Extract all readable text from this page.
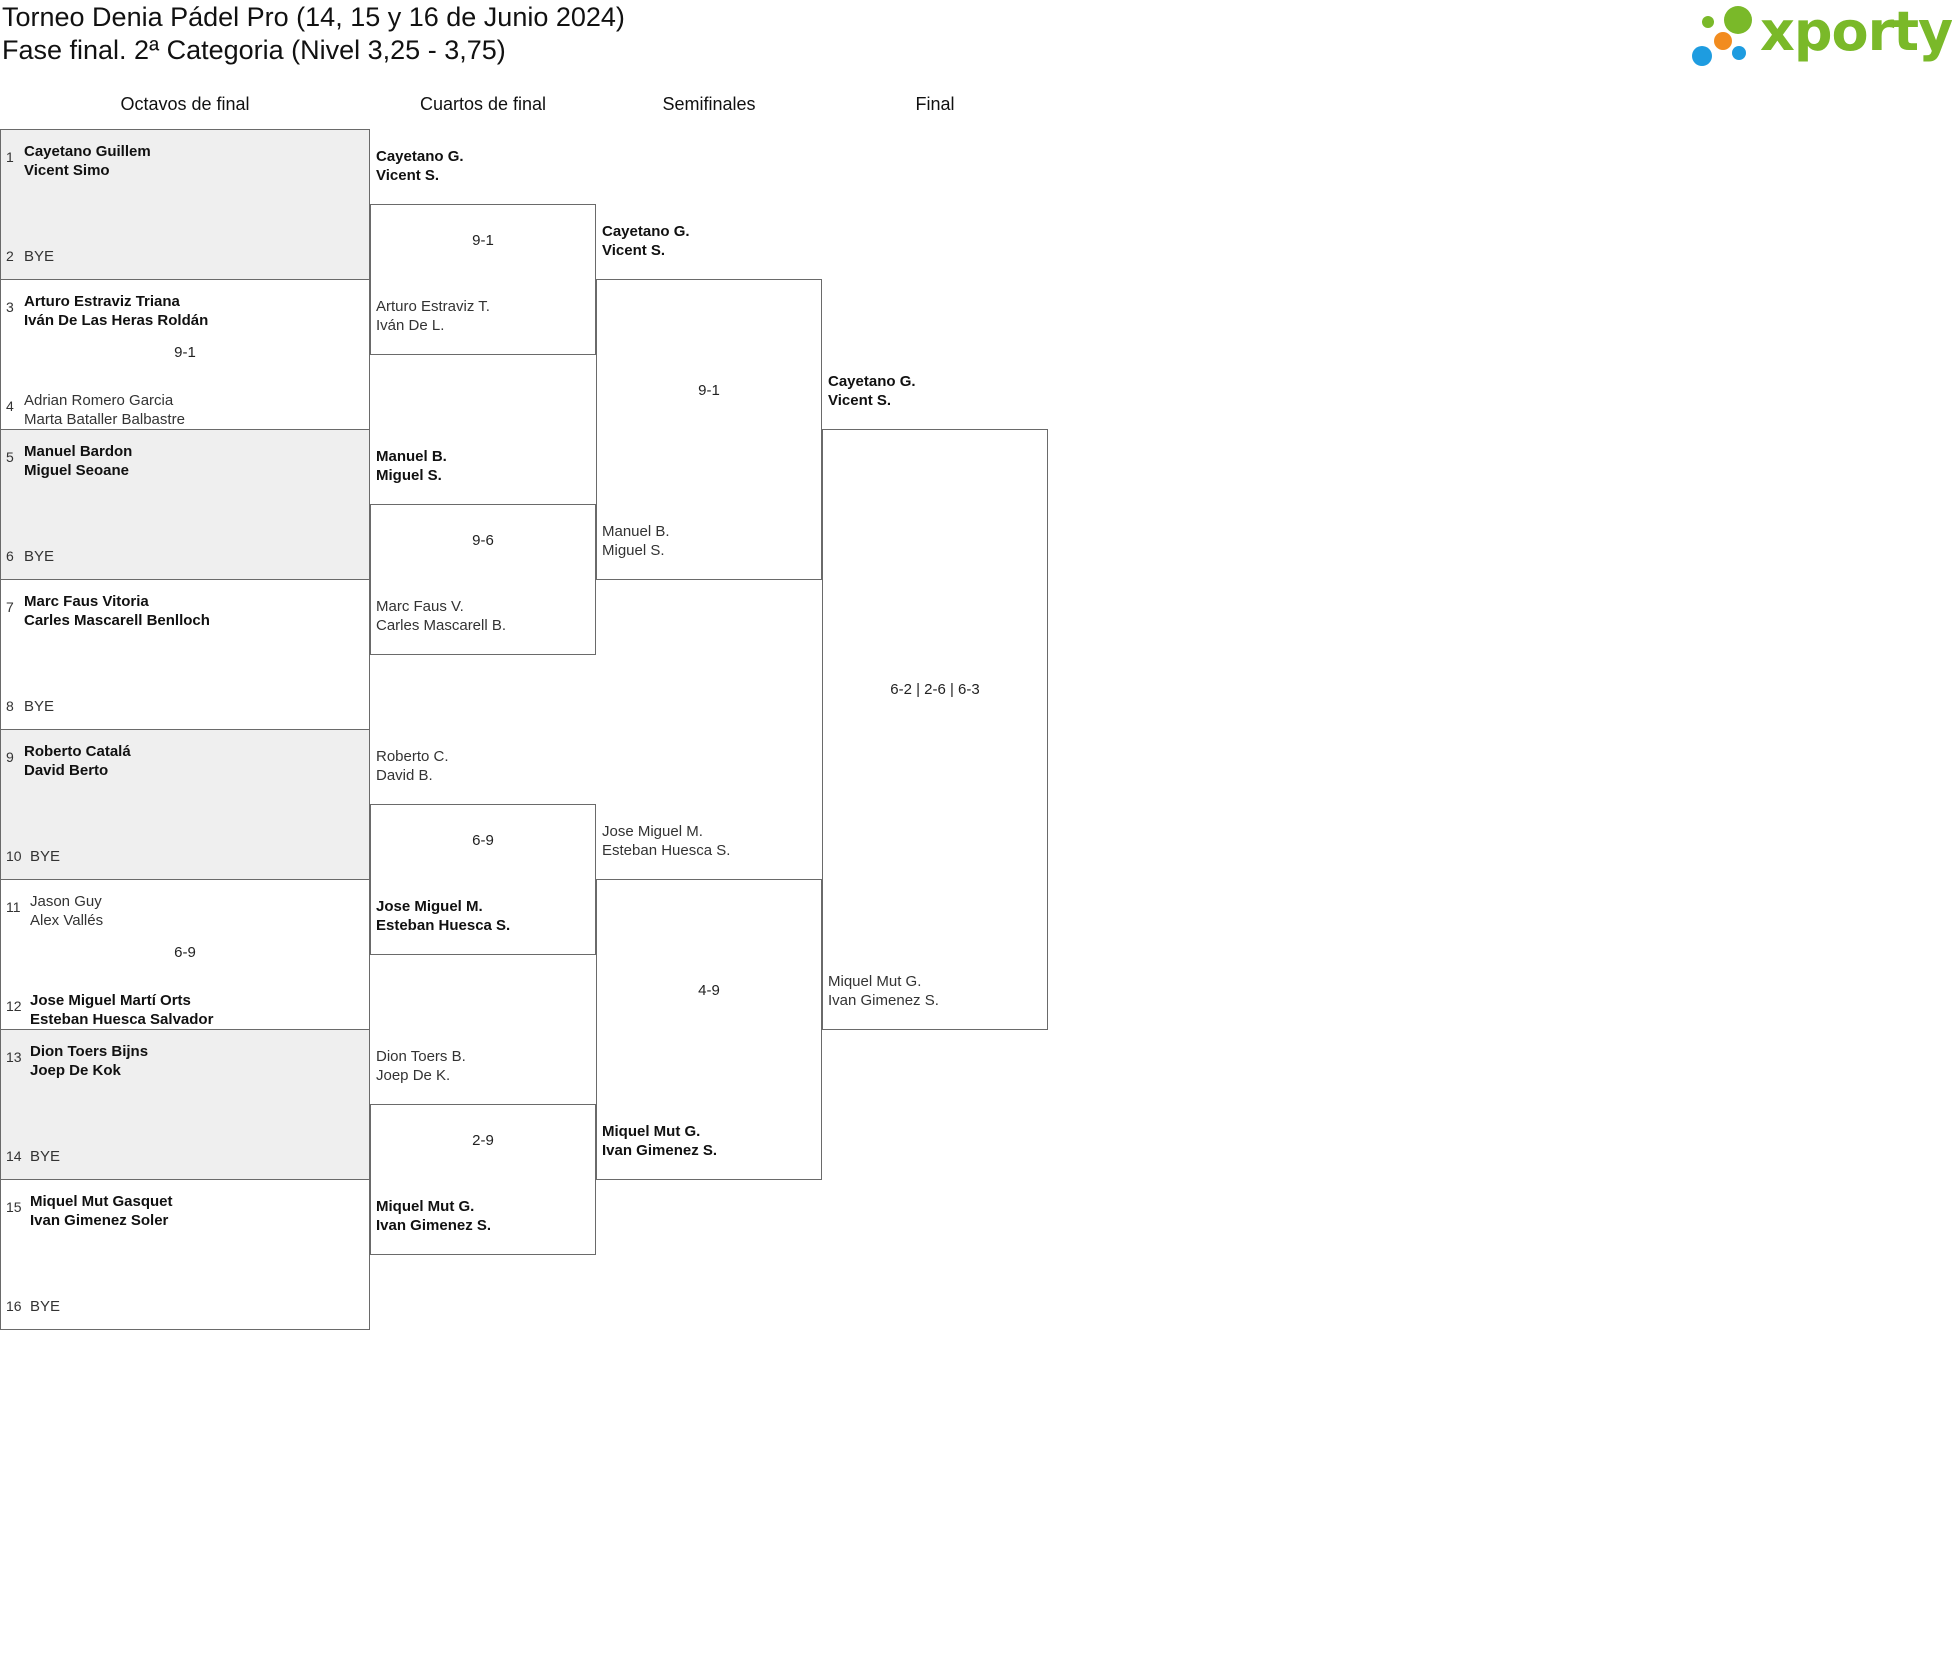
Torneo Denia Pádel Pro (14, 15 y 16 de Junio 2024)
Fase final. 2ª Categoria (Nivel 3,25 - 3,75)	xporty
Octavos de final	Cuartos de final	Semifinales	Final
1 Cayetano Guillem
Vicent Simo
2 BYE
3 Arturo Estraviz Triana
Iván De Las Heras Roldán
4 Adrian Romero Garcia
Marta Bataller Balbastre
9-1
5 Manuel Bardon
Miguel Seoane
6 BYE
7 Marc Faus Vitoria
Carles Mascarell Benlloch
8 BYE
9 Roberto Catalá
David Berto
10 BYE
11 Jason Guy
Alex Vallés
12 Jose Miguel Martí Orts
Esteban Huesca Salvador
6-9
13 Dion Toers Bijns
Joep De Kok
14 BYE
15 Miquel Mut Gasquet
Ivan Gimenez Soler
16 BYE
Cayetano G.
Vicent S.
Arturo Estraviz T.
Iván De L.
Manuel B.
Miguel S.
Marc Faus V.
Carles Mascarell B.
Roberto C.
David B.
Jose Miguel M.
Esteban Huesca S.
Dion Toers B.
Joep De K.
Miquel Mut G.
Ivan Gimenez S.
9-1
9-6
6-9
2-9
Cayetano G.
Vicent S.
Manuel B.
Miguel S.
Jose Miguel M.
Esteban Huesca S.
Miquel Mut G.
Ivan Gimenez S.
9-1
4-9
Cayetano G.
Vicent S.
Miquel Mut G.
Ivan Gimenez S.
6-2 | 2-6 | 6-3
